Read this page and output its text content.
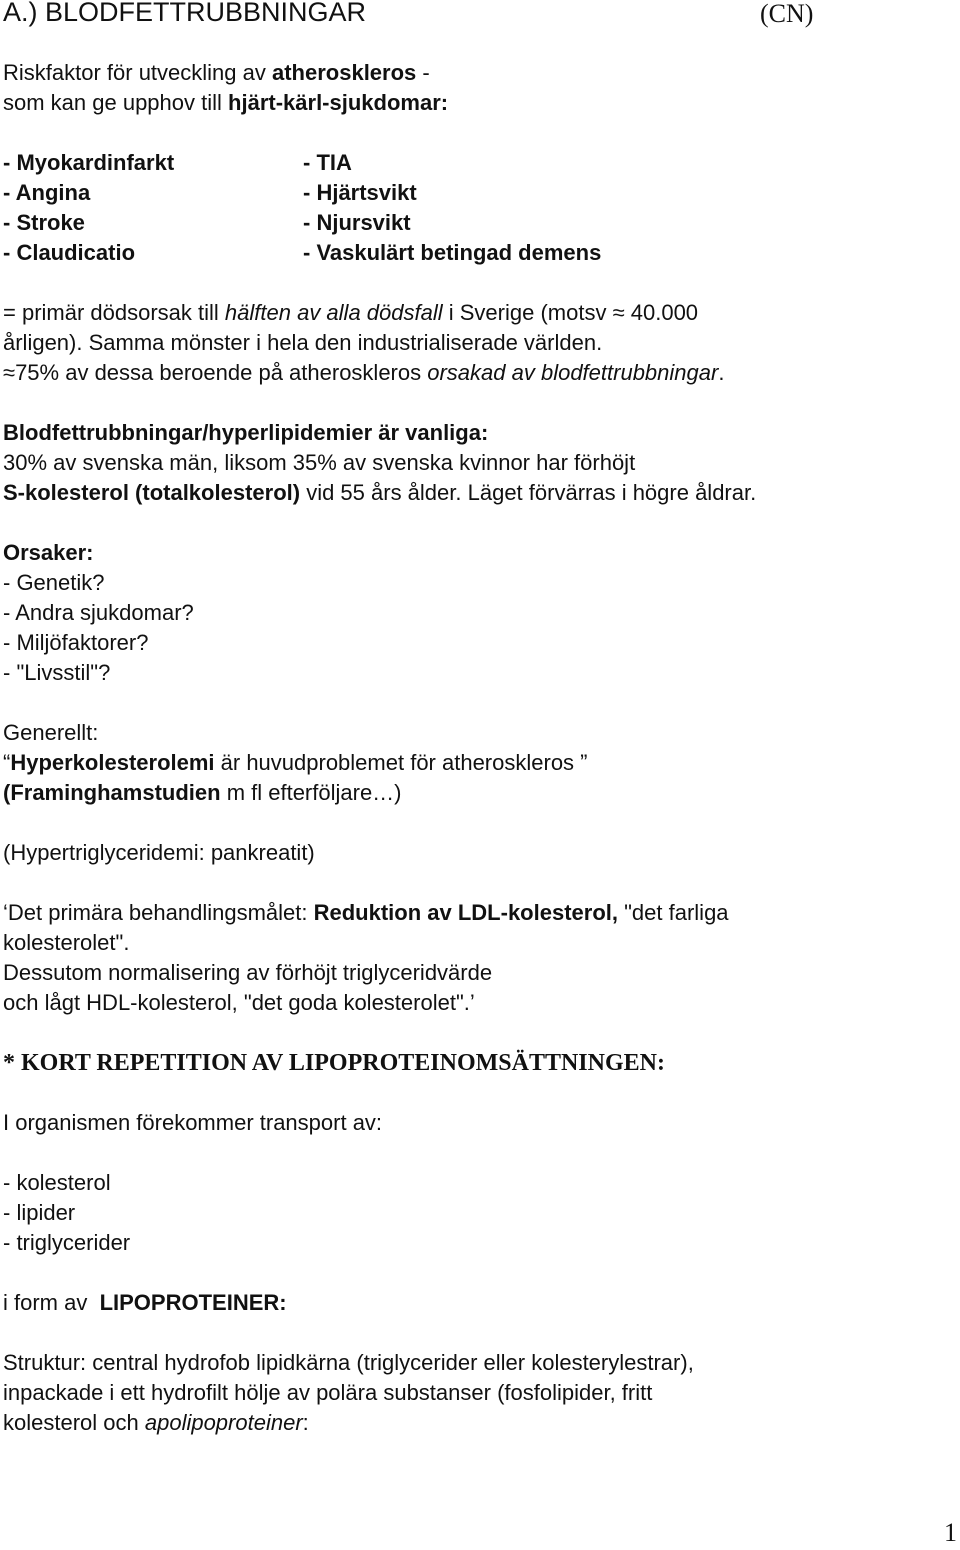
A.) BLODFETTRUBBNINGAR	(CN)
Riskfaktor för utveckling av atheroskleros -
som kan ge upphov till hjärt-kärl-sjukdomar:
- Myokardinfarkt
- Angina
- Stroke
- Claudicatio
- TIA
- Hjärtsvikt
- Njursvikt
- Vaskulärt betingad demens
= primär dödsorsak till hälften av alla dödsfall i Sverige (motsv ≈ 40.000
årligen). Samma mönster i hela den industrialiserade världen.
≈75% av dessa beroende på atheroskleros orsakad av blodfettrubbningar.
Blodfettrubbningar/hyperlipidemier är vanliga:
30% av svenska män, liksom 35% av svenska kvinnor har förhöjt
S-kolesterol (totalkolesterol) vid 55 års ålder. Läget förvärras i högre åldrar.
Orsaker:
- Genetik?
- Andra sjukdomar?
- Miljöfaktorer?
- "Livsstil"?
Generellt:
“Hyperkolesterolemi är huvudproblemet för atheroskleros ”
(Framinghamstudien m fl efterföljare…)
(Hypertriglyceridemi: pankreatit)
‘Det primära behandlingsmålet: Reduktion av LDL-kolesterol, "det farliga
kolesterolet".
Dessutom normalisering av förhöjt triglyceridvärde
och lågt HDL-kolesterol, "det goda kolesterolet".’
* KORT REPETITION AV LIPOPROTEINOMSÄTTNINGEN:
I organismen förekommer transport av:
- kolesterol
- lipider
- triglycerider
i form av  LIPOPROTEINER:
Struktur: central hydrofob lipidkärna (triglycerider eller kolesterylestrar),
inpackade i ett hydrofilt hölje av polära substanser (fosfolipider, fritt
kolesterol och apolipoproteiner:
1
